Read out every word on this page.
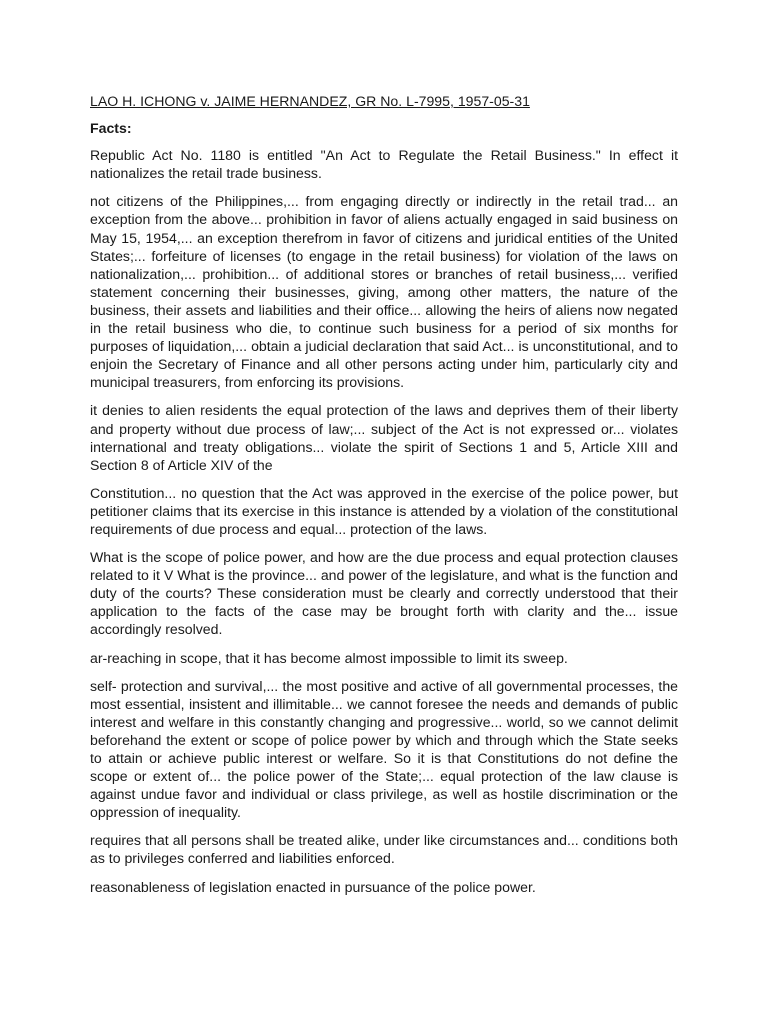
LAO H. ICHONG v. JAIME HERNANDEZ, GR No. L-7995, 1957-05-31
Facts:

Republic Act No. 1180 is entitled "An Act to Regulate the Retail Business." In effect it nationalizes the retail trade business.

not citizens of the Philippines,... from engaging directly or indirectly in the retail trad... an exception from the above... prohibition in favor of aliens actually engaged in said business on May 15, 1954,... an exception therefrom in favor of citizens and juridical entities of the United States;... forfeiture of licenses (to engage in the retail business) for violation of the laws on nationalization,... prohibition... of additional stores or branches of retail business,... verified statement concerning their businesses, giving, among other matters, the nature of the business, their assets and liabilities and their office... allowing the heirs of aliens now negated in the retail business who die, to continue such business for a period of six months for purposes of liquidation,... obtain a judicial declaration that said Act... is unconstitutional, and to enjoin the Secretary of Finance and all other persons acting under him, particularly city and municipal treasurers, from enforcing its provisions.

it denies to alien residents the equal protection of the laws and deprives them of their liberty and property without due process of law;... subject of the Act is not expressed or... violates international and treaty obligations... violate the spirit of Sections 1 and 5, Article XIII and Section 8 of Article XIV of the

Constitution... no question that the Act was approved in the exercise of the police power, but petitioner claims that its exercise in this instance is attended by a violation of the constitutional requirements of due process and equal... protection of the laws.

What is the scope of police power, and how are the due process and equal protection clauses related to it V What is the province... and power of the legislature, and what is the function and duty of the courts? These consideration must be clearly and correctly understood that their application to the facts of the case may be brought forth with clarity and the... issue accordingly resolved.

ar-reaching in scope, that it has become almost impossible to limit its sweep.

self- protection and survival,... the most positive and active of all governmental processes, the most essential, insistent and illimitable... we cannot foresee the needs and demands of public interest and welfare in this constantly changing and progressive... world, so we cannot delimit beforehand the extent or scope of police power by which and through which the State seeks to attain or achieve public interest or welfare. So it is that Constitutions do not define the scope or extent of... the police power of the State;... equal protection of the law clause is against undue favor and individual or class privilege, as well as hostile discrimination or the oppression of inequality.

requires that all persons shall be treated alike, under like circumstances and... conditions both as to privileges conferred and liabilities enforced.

reasonableness of legislation enacted in pursuance of the police power.
